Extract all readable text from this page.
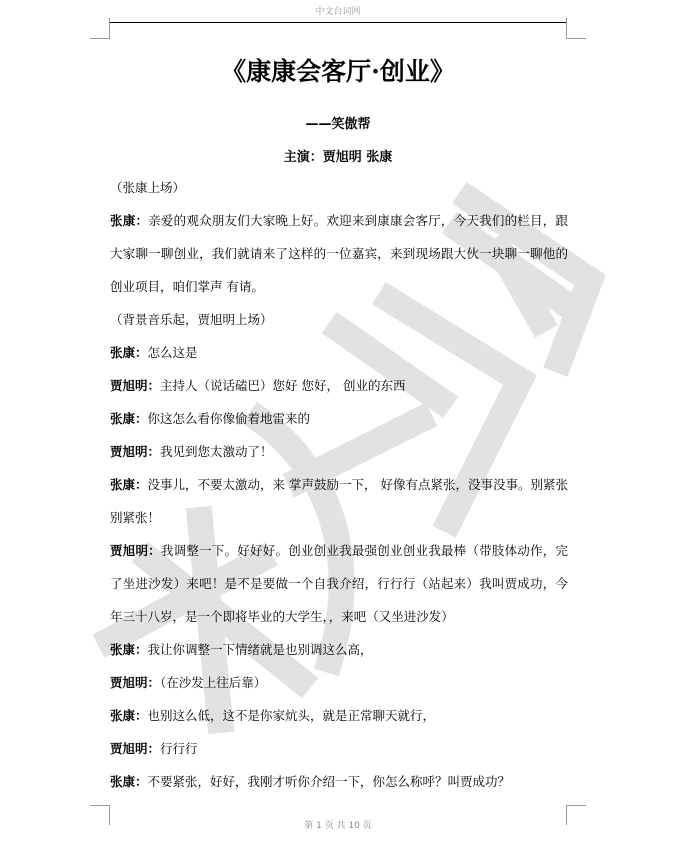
中文台词网
《康康会客厅·创业》
——笑傲帮
主演：贾旭明 张康

（张康上场）

张康：亲爱的观众朋友们大家晚上好。欢迎来到康康会客厅，今天我们的栏目，跟大家聊一聊创业，我们就请来了这样的一位嘉宾，来到现场跟大伙一块聊一聊他的创业项目，咱们掌声 有请。

（背景音乐起，贾旭明上场）

张康：怎么这是

贾旭明：主持人（说话磕巴）您好 您好， 创业的东西

张康：你这怎么看你像偷着地雷来的

贾旭明：我见到您太激动了！

张康：没事儿，不要太激动，来 掌声鼓励一下， 好像有点紧张，没事没事。别紧张别紧张！

贾旭明：我调整一下。好好好。创业创业我最强创业创业我最棒（带肢体动作，完了坐进沙发）来吧！是不是要做一个自我介绍，行行行（站起来）我叫贾成功，今年三十八岁，是一个即将毕业的大学生，，来吧（又坐进沙发）

张康：我让你调整一下情绪就是也别调这么高，

贾旭明：（在沙发上往后靠）

张康：也别这么低，这不是你家炕头，就是正常聊天就行，

贾旭明：行行行

张康：不要紧张，好好，我刚才听你介绍一下，你怎么称呼？叫贾成功？

第 1 页 共 10 页
